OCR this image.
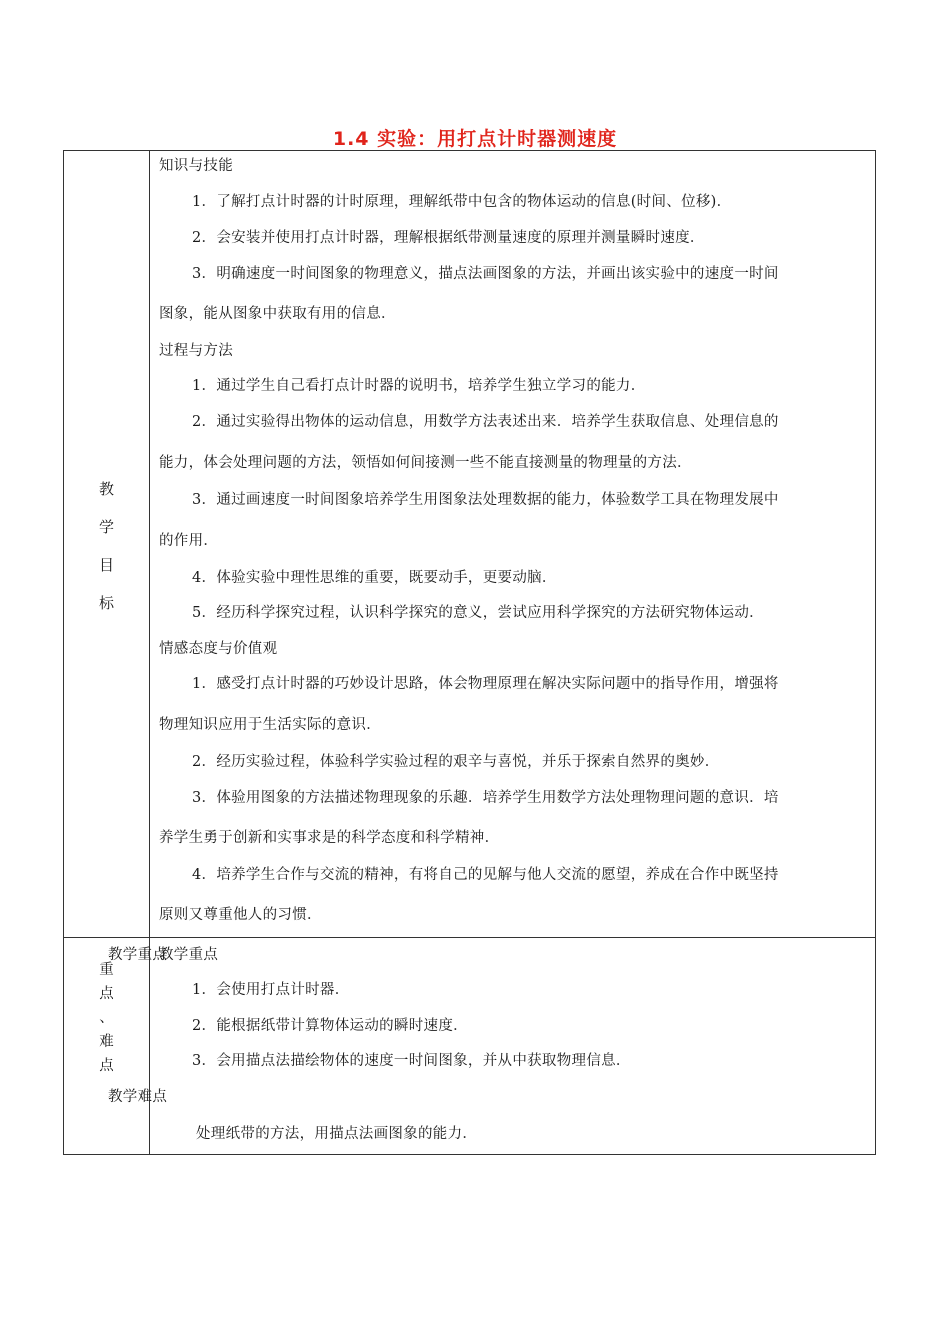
1.4 实验：用打点计时器测速度
教
学
目
标
知识与技能
1．了解打点计时器的计时原理，理解纸带中包含的物体运动的信息(时间、位移)．
2．会安装并使用打点计时器，理解根据纸带测量速度的原理并测量瞬时速度．
3．明确速度一时间图象的物理意义，描点法画图象的方法，并画出该实验中的速度一时间
图象，能从图象中获取有用的信息．
过程与方法
1．通过学生自己看打点计时器的说明书，培养学生独立学习的能力．
2．通过实验得出物体的运动信息，用数学方法表述出来．培养学生获取信息、处理信息的
能力，体会处理问题的方法，领悟如何间接测一些不能直接测量的物理量的方法．
3．通过画速度一时间图象培养学生用图象法处理数据的能力，体验数学工具在物理发展中
的作用．
4．体验实验中理性思维的重要，既要动手，更要动脑．
5．经历科学探究过程，认识科学探究的意义，尝试应用科学探究的方法研究物体运动．
情感态度与价值观
1．感受打点计时器的巧妙设计思路，体会物理原理在解决实际问题中的指导作用，增强将
物理知识应用于生活实际的意识．
2．经历实验过程，体验科学实验过程的艰辛与喜悦，并乐于探索自然界的奥妙．
3．体验用图象的方法描述物理现象的乐趣．培养学生用数学方法处理物理问题的意识．培
养学生勇于创新和实事求是的科学态度和科学精神．
4．培养学生合作与交流的精神，有将自己的见解与他人交流的愿望，养成在合作中既坚持
原则又尊重他人的习惯．
教学重点
重
点
、
难
点
教学难点
教学重点
1．会使用打点计时器．
2．能根据纸带计算物体运动的瞬时速度．
3．会用描点法描绘物体的速度一时间图象，并从中获取物理信息．
处理纸带的方法，用描点法画图象的能力．
